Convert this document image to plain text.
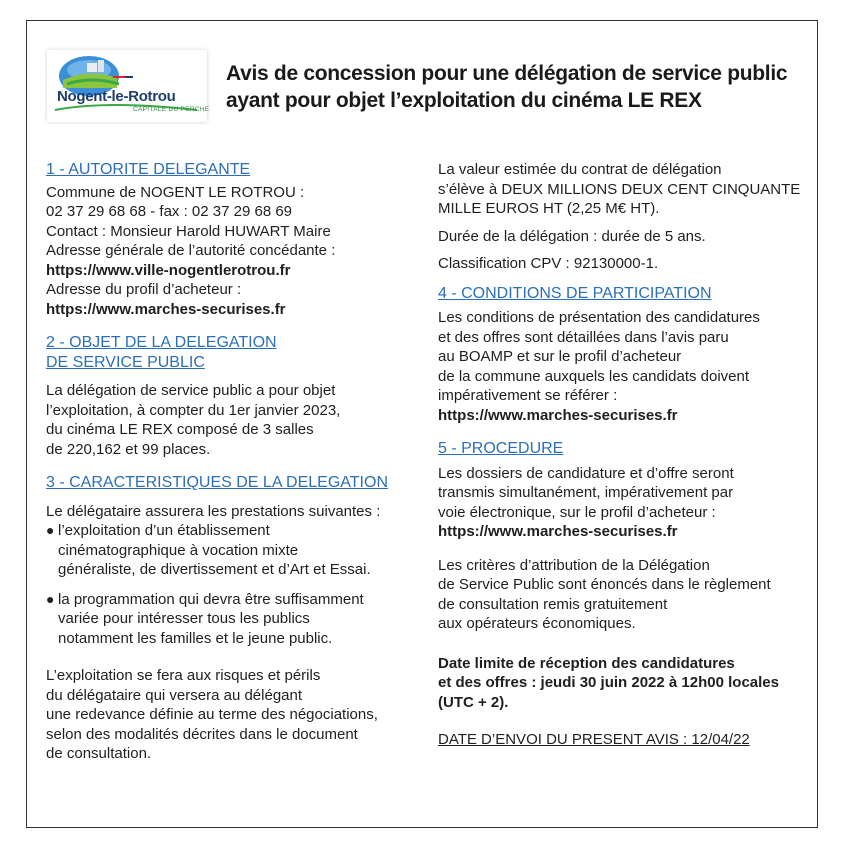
Nogent-le-Rotrou
CAPITALE DU PERCHE
Avis de concession pour une délégation de service public
ayant pour objet l’exploitation du cinéma LE REX
1 - AUTORITE DELEGANTE
Commune de NOGENT LE ROTROU :
02 37 29 68 68 - fax : 02 37 29 68 69
Contact : Monsieur Harold HUWART Maire
Adresse générale de l’autorité concédante :
https://www.ville-nogentlerotrou.fr
Adresse du profil d’acheteur :
https://www.marches-securises.fr
2 - OBJET DE LA DELEGATION
DE SERVICE PUBLIC
La délégation de service public a pour objet
l’exploitation, à compter du 1er janvier 2023,
du cinéma LE REX composé de 3 salles
de 220,162 et 99 places.
3 - CARACTERISTIQUES DE LA DELEGATION
Le délégataire assurera les prestations suivantes :
● l’exploitation d’un établissement
cinématographique à vocation mixte
généraliste, de divertissement et d’Art et Essai.
● la programmation qui devra être suffisamment
variée pour intéresser tous les publics
notamment les familles et le jeune public.
L’exploitation se fera aux risques et périls
du délégataire qui versera au délégant
une redevance définie au terme des négociations,
selon des modalités décrites dans le document
de consultation.
La valeur estimée du contrat de délégation
s’élève à DEUX MILLIONS DEUX CENT CINQUANTE
MILLE EUROS HT (2,25 M€ HT).
Durée de la délégation : durée de 5 ans.
Classification CPV : 92130000-1.
4 - CONDITIONS DE PARTICIPATION
Les conditions de présentation des candidatures
et des offres sont détaillées dans l’avis paru
au BOAMP et sur le profil d’acheteur
de la commune auxquels les candidats doivent
impérativement se référer :
https://www.marches-securises.fr
5 - PROCEDURE
Les dossiers de candidature et d’offre seront
transmis simultanément, impérativement par
voie électronique, sur le profil d’acheteur :
https://www.marches-securises.fr
Les critères d’attribution de la Délégation
de Service Public sont énoncés dans le règlement
de consultation remis gratuitement
aux opérateurs économiques.
Date limite de réception des candidatures
et des offres : jeudi 30 juin 2022 à 12h00 locales
(UTC + 2).
DATE D’ENVOI DU PRESENT AVIS : 12/04/22
